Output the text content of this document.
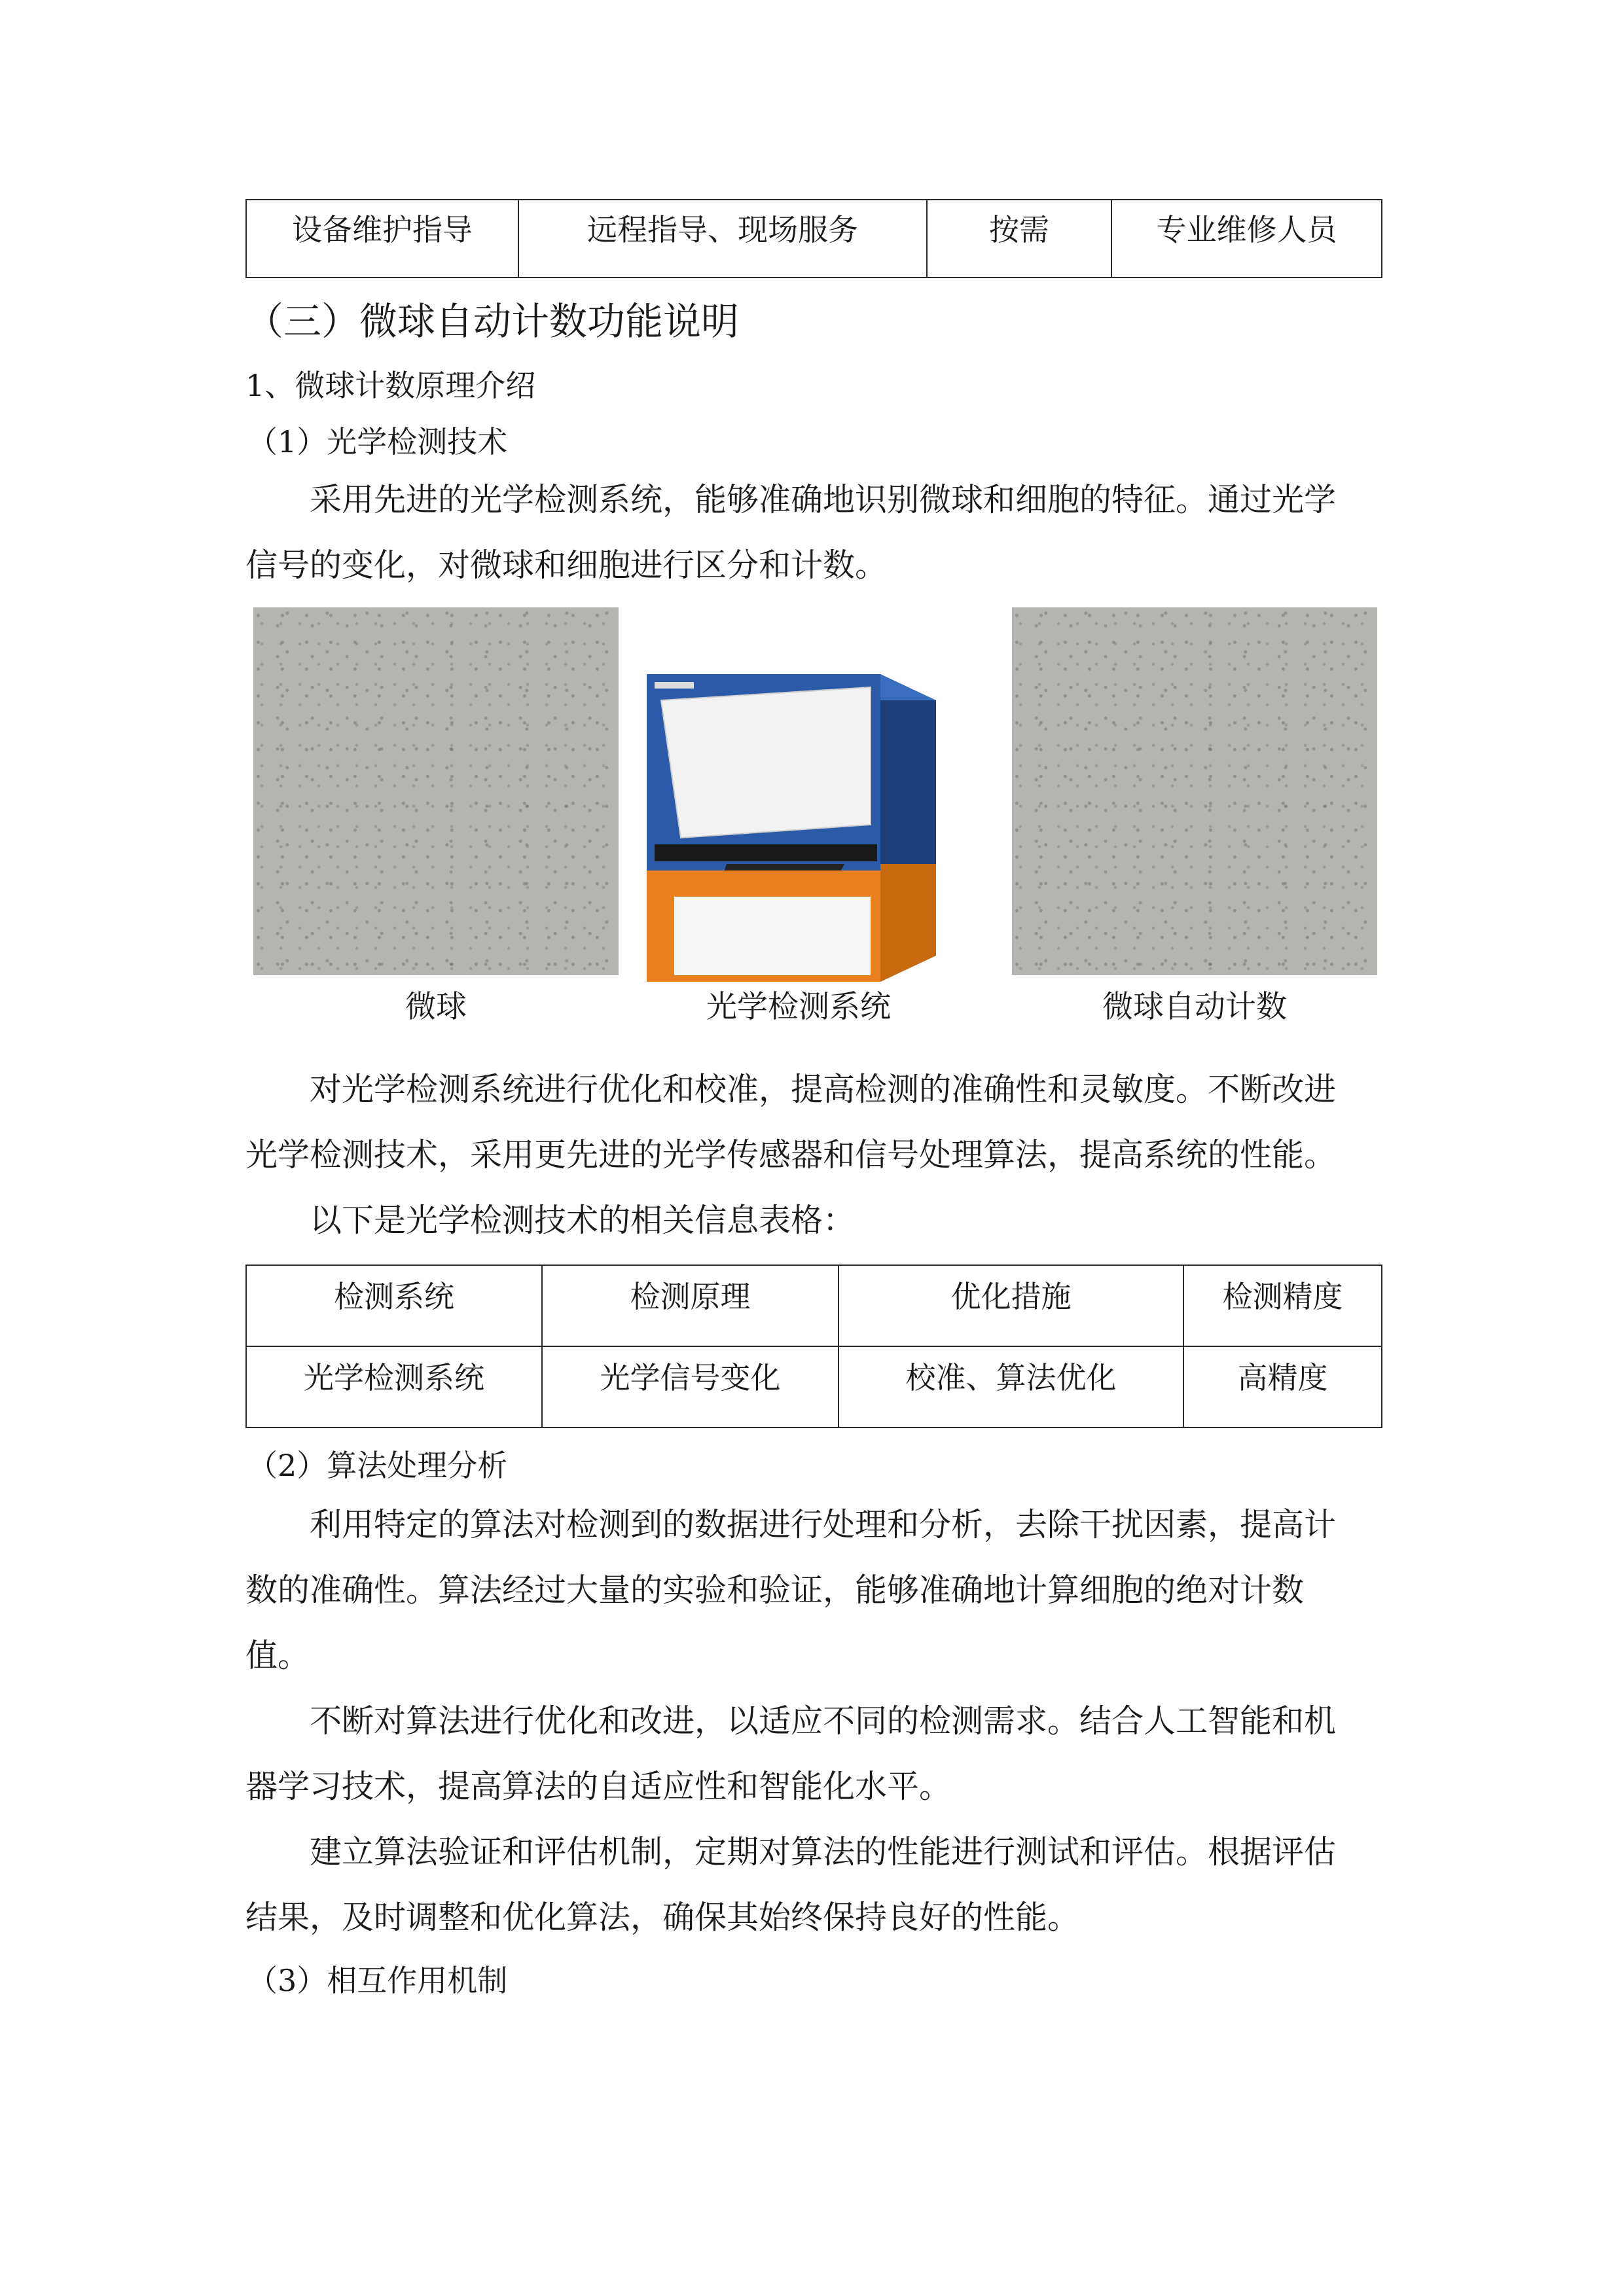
设备维护指导	远程指导、现场服务	按需	专业维修人员
（三）微球自动计数功能说明
1、微球计数原理介绍
（1）光学检测技术
采用先进的光学检测系统，能够准确地识别微球和细胞的特征。通过光学
信号的变化，对微球和细胞进行区分和计数。
微球	光学检测系统	微球自动计数
对光学检测系统进行优化和校准，提高检测的准确性和灵敏度。不断改进
光学检测技术，采用更先进的光学传感器和信号处理算法，提高系统的性能。
以下是光学检测技术的相关信息表格：
检测系统	检测原理	优化措施	检测精度
光学检测系统	光学信号变化	校准、算法优化	高精度
（2）算法处理分析
利用特定的算法对检测到的数据进行处理和分析，去除干扰因素，提高计
数的准确性。算法经过大量的实验和验证，能够准确地计算细胞的绝对计数
值。
不断对算法进行优化和改进，以适应不同的检测需求。结合人工智能和机
器学习技术，提高算法的自适应性和智能化水平。
建立算法验证和评估机制，定期对算法的性能进行测试和评估。根据评估
结果，及时调整和优化算法，确保其始终保持良好的性能。
（3）相互作用机制
